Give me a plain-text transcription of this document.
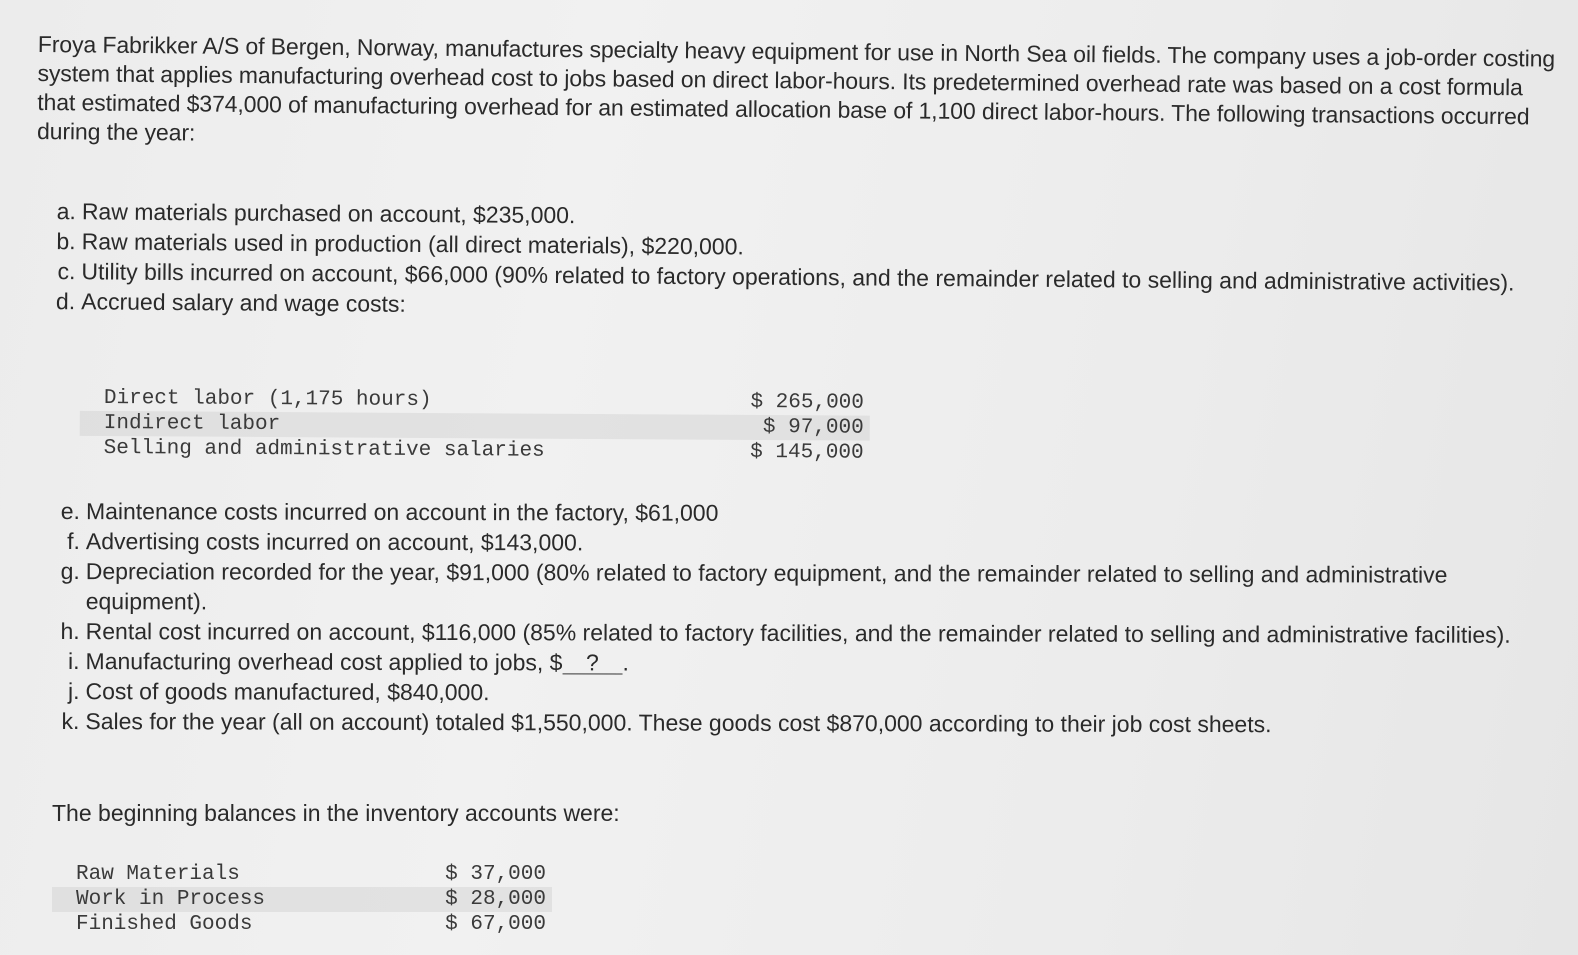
Froya Fabrikker A/S of Bergen, Norway, manufactures specialty heavy equipment for use in North Sea oil fields. The company uses a job-order costing system that applies manufacturing overhead cost to jobs based on direct labor-hours. Its predetermined overhead rate was based on a cost formula that estimated $374,000 of manufacturing overhead for an estimated allocation base of 1,100 direct labor-hours. The following transactions occurred during the year:
a. Raw materials purchased on account, $235,000.
b. Raw materials used in production (all direct materials), $220,000.
c. Utility bills incurred on account, $66,000 (90% related to factory operations, and the remainder related to selling and administrative activities).
d. Accrued salary and wage costs:
Direct labor (1,175 hours)	$ 265,000
Indirect labor	$ 97,000
Selling and administrative salaries	$ 145,000
e. Maintenance costs incurred on account in the factory, $61,000
f. Advertising costs incurred on account, $143,000.
g. Depreciation recorded for the year, $91,000 (80% related to factory equipment, and the remainder related to selling and administrative equipment).
h. Rental cost incurred on account, $116,000 (85% related to factory facilities, and the remainder related to selling and administrative facilities).
i. Manufacturing overhead cost applied to jobs, $ ? .
j. Cost of goods manufactured, $840,000.
k. Sales for the year (all on account) totaled $1,550,000. These goods cost $870,000 according to their job cost sheets.
The beginning balances in the inventory accounts were:
Raw Materials	$ 37,000
Work in Process	$ 28,000
Finished Goods	$ 67,000
